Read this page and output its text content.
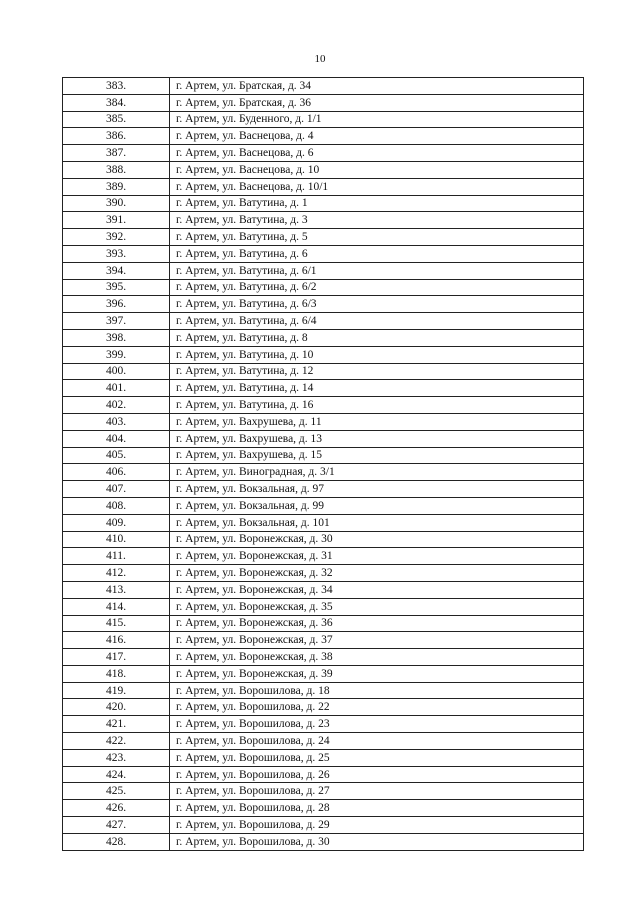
10
383.	г. Артем, ул. Братская, д. 34
384.	г. Артем, ул. Братская, д. 36
385.	г. Артем, ул. Буденного, д. 1/1
386.	г. Артем, ул. Васнецова, д. 4
387.	г. Артем, ул. Васнецова, д. 6
388.	г. Артем, ул. Васнецова, д. 10
389.	г. Артем, ул. Васнецова, д. 10/1
390.	г. Артем, ул. Ватутина, д. 1
391.	г. Артем, ул. Ватутина, д. 3
392.	г. Артем, ул. Ватутина, д. 5
393.	г. Артем, ул. Ватутина, д. 6
394.	г. Артем, ул. Ватутина, д. 6/1
395.	г. Артем, ул. Ватутина, д. 6/2
396.	г. Артем, ул. Ватутина, д. 6/3
397.	г. Артем, ул. Ватутина, д. 6/4
398.	г. Артем, ул. Ватутина, д. 8
399.	г. Артем, ул. Ватутина, д. 10
400.	г. Артем, ул. Ватутина, д. 12
401.	г. Артем, ул. Ватутина, д. 14
402.	г. Артем, ул. Ватутина, д. 16
403.	г. Артем, ул. Вахрушева, д. 11
404.	г. Артем, ул. Вахрушева, д. 13
405.	г. Артем, ул. Вахрушева, д. 15
406.	г. Артем, ул. Виноградная, д. 3/1
407.	г. Артем, ул. Вокзальная, д. 97
408.	г. Артем, ул. Вокзальная, д. 99
409.	г. Артем, ул. Вокзальная, д. 101
410.	г. Артем, ул. Воронежская, д. 30
411.	г. Артем, ул. Воронежская, д. 31
412.	г. Артем, ул. Воронежская, д. 32
413.	г. Артем, ул. Воронежская, д. 34
414.	г. Артем, ул. Воронежская, д. 35
415.	г. Артем, ул. Воронежская, д. 36
416.	г. Артем, ул. Воронежская, д. 37
417.	г. Артем, ул. Воронежская, д. 38
418.	г. Артем, ул. Воронежская, д. 39
419.	г. Артем, ул. Ворошилова, д. 18
420.	г. Артем, ул. Ворошилова, д. 22
421.	г. Артем, ул. Ворошилова, д. 23
422.	г. Артем, ул. Ворошилова, д. 24
423.	г. Артем, ул. Ворошилова, д. 25
424.	г. Артем, ул. Ворошилова, д. 26
425.	г. Артем, ул. Ворошилова, д. 27
426.	г. Артем, ул. Ворошилова, д. 28
427.	г. Артем, ул. Ворошилова, д. 29
428.	г. Артем, ул. Ворошилова, д. 30
